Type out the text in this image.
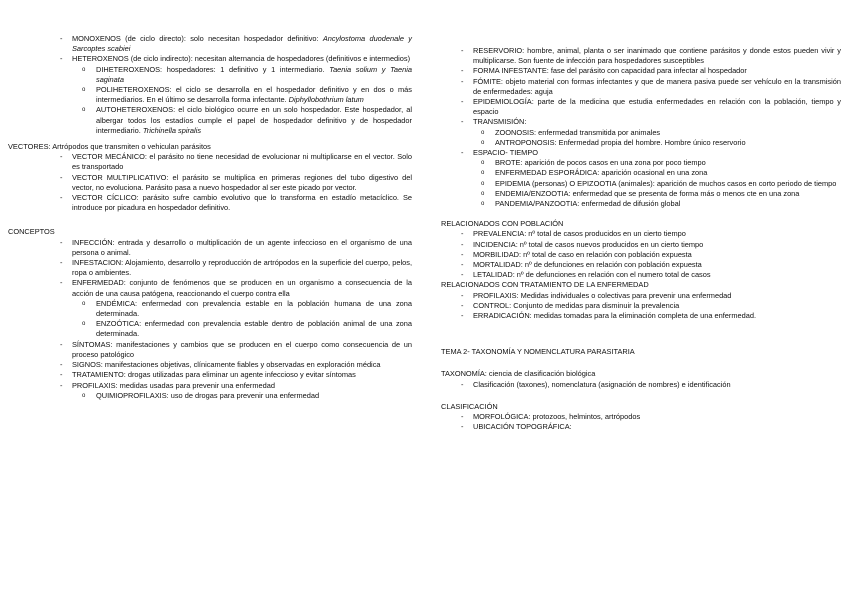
- MONOXENOS (de ciclo directo): solo necesitan hospedador definitivo: Ancylostoma duodenale y Sarcoptes scabiei

- HETEROXENOS (de ciclo indirecto): necesitan alternancia de hospedadores (definitivos e intermedios)

o DIHETEROXENOS: hospedadores: 1 definitivo y 1 intermediario. Taenia solium y Taenia saginata

o POLIHETEROXENOS: el ciclo se desarrolla en el hospedador definitivo y en dos o más intermediarios. En el último se desarrolla forma infectante. Diphyllobothrium latum

o AUTOHETEROXENOS: el ciclo biológico ocurre en un solo hospedador. Este hospedador, al albergar todos los estadíos cumple el papel de hospedador definitivo y de hospedador intermediario. Trichinella spiralis

VECTORES: Artrópodos que transmiten o vehiculan parásitos

- VECTOR MECÁNICO: el parásito no tiene necesidad de evolucionar ni multiplicarse en el vector. Solo es transportado

- VECTOR MULTIPLICATIVO: el parásito se multiplica en primeras regiones del tubo digestivo del vector, no evoluciona. Parásito pasa a nuevo hospedador al ser este picado por vector.

- VECTOR CÍCLICO: parásito sufre cambio evolutivo que lo transforma en estadío metacíclico. Se introduce por picadura en hospedador definitivo.

CONCEPTOS

- INFECCIÓN: entrada y desarrollo o multiplicación de un agente infeccioso en el organismo de una persona o animal.

- INFESTACION: Alojamiento, desarrollo y reproducción de artrópodos en la superficie del cuerpo, pelos, ropa o ambientes.

- ENFERMEDAD: conjunto de fenómenos que se producen en un organismo a consecuencia de la acción de una causa patógena, reaccionando el cuerpo contra ella

o ENDÉMICA: enfermedad con prevalencia estable en la población humana de una zona determinada.

o ENZOÓTICA: enfermedad con prevalencia estable dentro de población animal de una zona determinada.

- SÍNTOMAS: manifestaciones y cambios que se producen en el cuerpo como consecuencia de un proceso patológico

- SIGNOS: manifestaciones objetivas, clínicamente fiables y observadas en exploración médica

- TRATAMIENTO: drogas utilizadas para eliminar un agente infeccioso y evitar síntomas

- PROFILAXIS: medidas usadas para prevenir una enfermedad

o QUIMIOPROFILAXIS: uso de drogas para prevenir una enfermedad

- RESERVORIO: hombre, animal, planta o ser inanimado que contiene parásitos y donde estos pueden vivir y multiplicarse. Son fuente de infección para hospedadores susceptibles

- FORMA INFESTANTE: fase del parásito con capacidad para infectar al hospedador

- FÓMITE: objeto material con formas infectantes y que de manera pasiva puede ser vehículo en la transmisión de enfermedades: aguja

- EPIDEMIOLOGÍA: parte de la medicina que estudia enfermedades en relación con la población, tiempo y espacio

- TRANSMISIÓN:

o ZOONOSIS: enfermedad transmitida por animales

o ANTROPONOSIS: Enfermedad propia del hombre. Hombre único reservorio

- ESPACIO- TIEMPO

o BROTE: aparición de pocos casos en una zona por poco tiempo

o ENFERMEDAD ESPORÁDICA: aparición ocasional en una zona

o EPIDEMIA (personas) O EPIZOOTIA (animales): aparición de muchos casos en corto periodo de tiempo

o ENDEMIA/ENZOOTIA: enfermedad que se presenta de forma más o menos cte en una zona

o PANDEMIA/PANZOOTIA: enfermedad de difusión global

RELACIONADOS CON POBLACIÓN

- PREVALENCIA: nº total de casos producidos en un cierto tiempo

- INCIDENCIA: nº total de casos nuevos producidos en un cierto tiempo

- MORBILIDAD: nº total de caso en relación con población expuesta

- MORTALIDAD: nº de defunciones en relación con población expuesta

- LETALIDAD: nº de defunciones en relación con el numero total de casos

RELACIONADOS CON TRATAMIENTO DE LA ENFERMEDAD

- PROFILAXIS: Medidas individuales o colectivas para prevenir una enfermedad

- CONTROL: Conjunto de medidas para disminuir la prevalencia

- ERRADICACIÓN: medidas tomadas para la eliminación completa de una enfermedad.

TEMA 2- TAXONOMÍA Y NOMENCLATURA PARASITARIA

TAXONOMÍA: ciencia de clasificación biológica

- Clasificación (taxones), nomenclatura (asignación de nombres) e identificación

CLASIFICACIÓN

- MORFOLÓGICA: protozoos, helmintos, artrópodos

- UBICACIÓN TOPOGRÁFICA:
